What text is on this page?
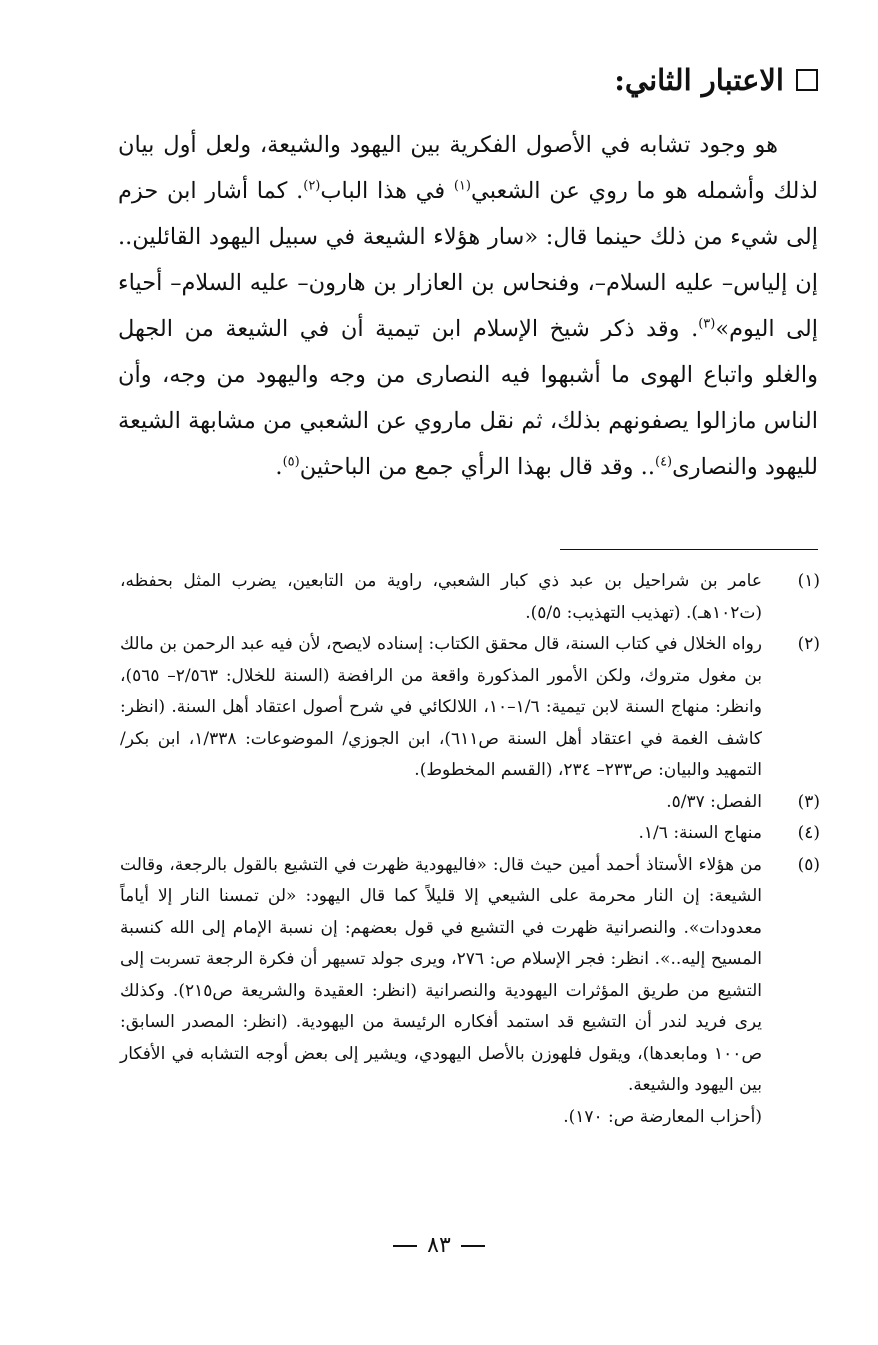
الاعتبار الثاني:

هو وجود تشابه في الأصول الفكرية بين اليهود والشيعة، ولعل أول بيان لذلك وأشمله هو ما روي عن الشعبي$^{(١)}$ في هذا الباب$^{(٢)}$. كما أشار ابن حزم إلى شيء من ذلك حينما قال: «سار هؤلاء الشيعة في سبيل اليهود القائلين.. إن إلياس– عليه السلام–، وفنحاس بن العازار بن هارون– عليه السلام– أحياء إلى اليوم»$^{(٣)}$. وقد ذكر شيخ الإسلام ابن تيمية أن في الشيعة من الجهل والغلو واتباع الهوى ما أشبهوا فيه النصارى من وجه واليهود من وجه، وأن الناس مازالوا يصفونهم بذلك، ثم نقل ماروي عن الشعبي من مشابهة الشيعة لليهود والنصارى$^{(٤)}$.. وقد قال بهذا الرأي جمع من الباحثين$^{(٥)}$.

(١)
عامر بن شراحيل بن عبد ذي كبار الشعبي، راوية من التابعين، يضرب المثل بحفظه، (ت١٠٢هـ). (تهذيب التهذيب: ٥/٥).
(٢)
رواه الخلال في كتاب السنة، قال محقق الكتاب: إسناده لايصح، لأن فيه عبد الرحمن بن مالك بن مغول متروك، ولكن الأمور المذكورة واقعة من الرافضة (السنة للخلال: ٢/٥٦٣– ٥٦٥)، وانظر: منهاج السنة لابن تيمية: ١/٦–١٠، اللالكائي في شرح أصول اعتقاد أهل السنة. (انظر: كاشف الغمة في اعتقاد أهل السنة ص٦١١)، ابن الجوزي/ الموضوعات: ١/٣٣٨، ابن بكر/ التمهيد والبيان: ص٢٣٣– ٢٣٤، (القسم المخطوط).
(٣)
الفصل: ٥/٣٧.
(٤)
منهاج السنة: ١/٦.
(٥)
من هؤلاء الأستاذ أحمد أمين حيث قال: «فاليهودية ظهرت في التشيع بالقول بالرجعة، وقالت الشيعة: إن النار محرمة على الشيعي إلا قليلاً كما قال اليهود: «لن تمسنا النار إلا أياماً معدودات». والنصرانية ظهرت في التشيع في قول بعضهم: إن نسبة الإمام إلى الله كنسبة المسيح إليه..». انظر: فجر الإسلام ص: ٢٧٦، ويرى جولد تسيهر أن فكرة الرجعة تسربت إلى التشيع من طريق المؤثرات اليهودية والنصرانية (انظر: العقيدة والشريعة ص٢١٥). وكذلك يرى فريد لندر أن التشيع قد استمد أفكاره الرئيسة من اليهودية. (انظر: المصدر السابق: ص١٠٠ ومابعدها)، ويقول فلهوزن بالأصل اليهودي، ويشير إلى بعض أوجه التشابه في الأفكار بين اليهود والشيعة.
(أحزاب المعارضة ص: ١٧٠).
٨٣
